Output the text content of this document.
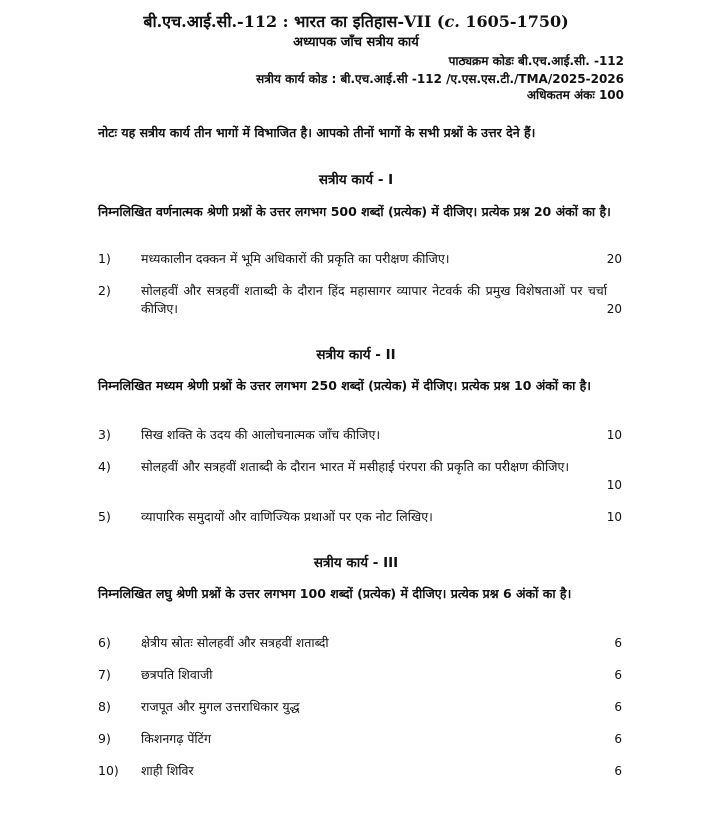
बी.एच.आई.सी.-112 : भारत का इतिहास-VII (c. 1605-1750)
अध्यापक जाँच सत्रीय कार्य
पाठ्यक्रम कोडः बी.एच.आई.सी. -112
सत्रीय कार्य कोड : बी.एच.आई.सी -112 /ए.एस.एस.टी./TMA/2025-2026
अधिकतम अंकः 100
नोटः यह सत्रीय कार्य तीन भागों में विभाजित है। आपको तीनों भागों के सभी प्रश्नों के उत्तर देने हैं।
सत्रीय कार्य - I
निम्नलिखित वर्णनात्मक श्रेणी प्रश्नों के उत्तर लगभग 500 शब्दों (प्रत्येक) में दीजिए। प्रत्येक प्रश्न 20 अंकों का है।
1) मध्यकालीन दक्कन में भूमि अधिकारों की प्रकृति का परीक्षण कीजिए।	20
2) सोलहवीं और सत्रहवीं शताब्दी के दौरान हिंद महासागर व्यापार नेटवर्क की प्रमुख विशेषताओं पर चर्चा कीजिए।	20
सत्रीय कार्य - II
निम्नलिखित मध्यम श्रेणी प्रश्नों के उत्तर लगभग 250 शब्दों (प्रत्येक) में दीजिए। प्रत्येक प्रश्न 10 अंकों का है।
3) सिख शक्ति के उदय की आलोचनात्मक जाँच कीजिए।	10
4) सोलहवीं और सत्रहवीं शताब्दी के दौरान भारत में मसीहाई पंरपरा की प्रकृति का परीक्षण कीजिए।
10
5) व्यापारिक समुदायों और वाणिज्यिक प्रथाओं पर एक नोट लिखिए।	10
सत्रीय कार्य - III
निम्नलिखित लघु श्रेणी प्रश्नों के उत्तर लगभग 100 शब्दों (प्रत्येक) में दीजिए। प्रत्येक प्रश्न 6 अंकों का है।
6) क्षेत्रीय स्रोतः सोलहवीं और सत्रहवीं शताब्दी	6
7) छत्रपति शिवाजी	6
8) राजपूत और मुगल उत्तराधिकार युद्ध	6
9) किशनगढ़ पेंटिंग	6
10) शाही शिविर	6
